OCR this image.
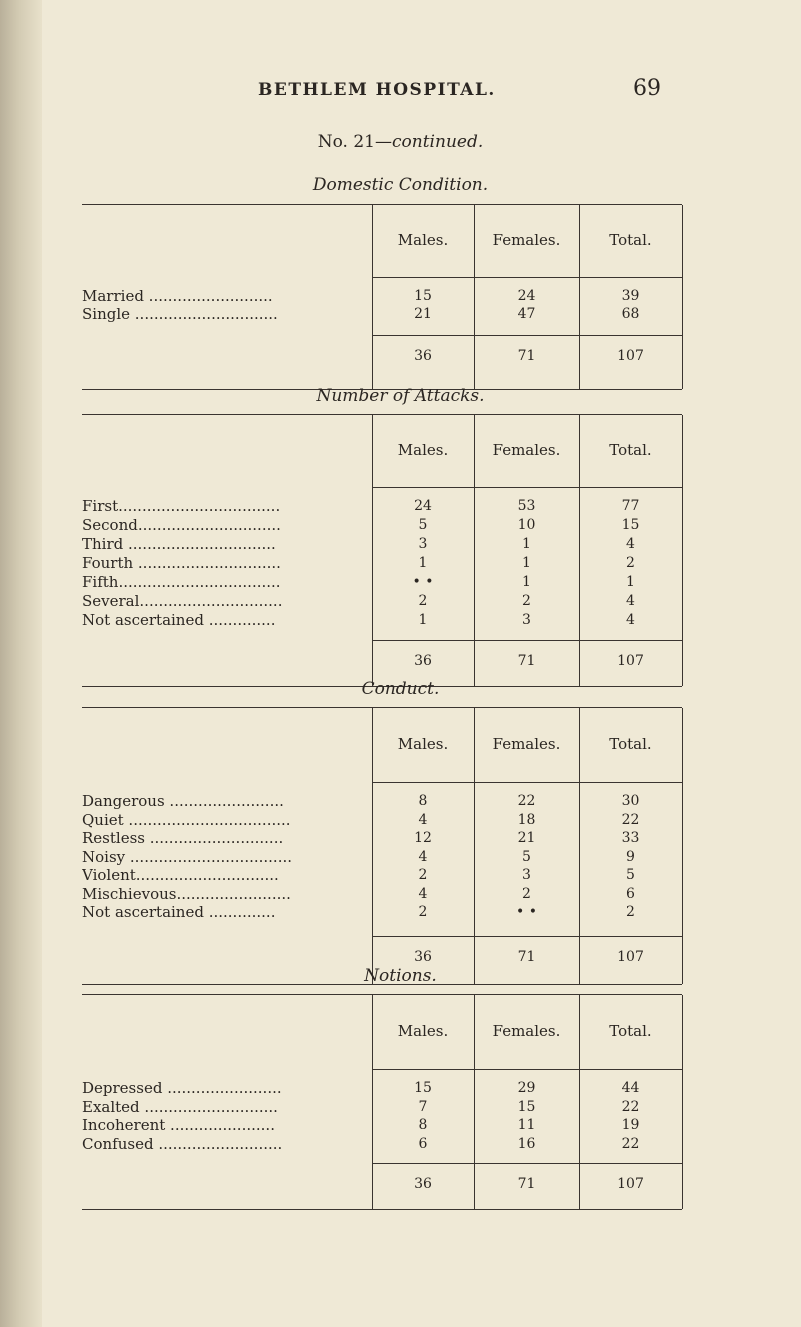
BETHLEM HOSPITAL.	69
No. 21—continued.
Domestic Condition.
Males.	Females.	Total.
Married ..........................	15	24	39
Single ..............................	21	47	68
36	71	107
Number of Attacks.
Males.	Females.	Total.
First..................................	24	53	77
Second..............................	5	10	15
Third ...............................	3	1	4
Fourth ..............................	1	1	2
Fifth..................................	• •	1	1
Several..............................	2	2	4
Not ascertained ..............	1	3	4
36	71	107
Conduct.
Males.	Females.	Total.
Dangerous ........................	8	22	30
Quiet ..................................	4	18	22
Restless ............................	12	21	33
Noisy ..................................	4	5	9
Violent..............................	2	3	5
Mischievous........................	4	2	6
Not ascertained ..............	2	• •	2
36	71	107
Notions.
Males.	Females.	Total.
Depressed ........................	15	29	44
Exalted ............................	7	15	22
Incoherent ......................	8	11	19
Confused ..........................	6	16	22
36	71	107
